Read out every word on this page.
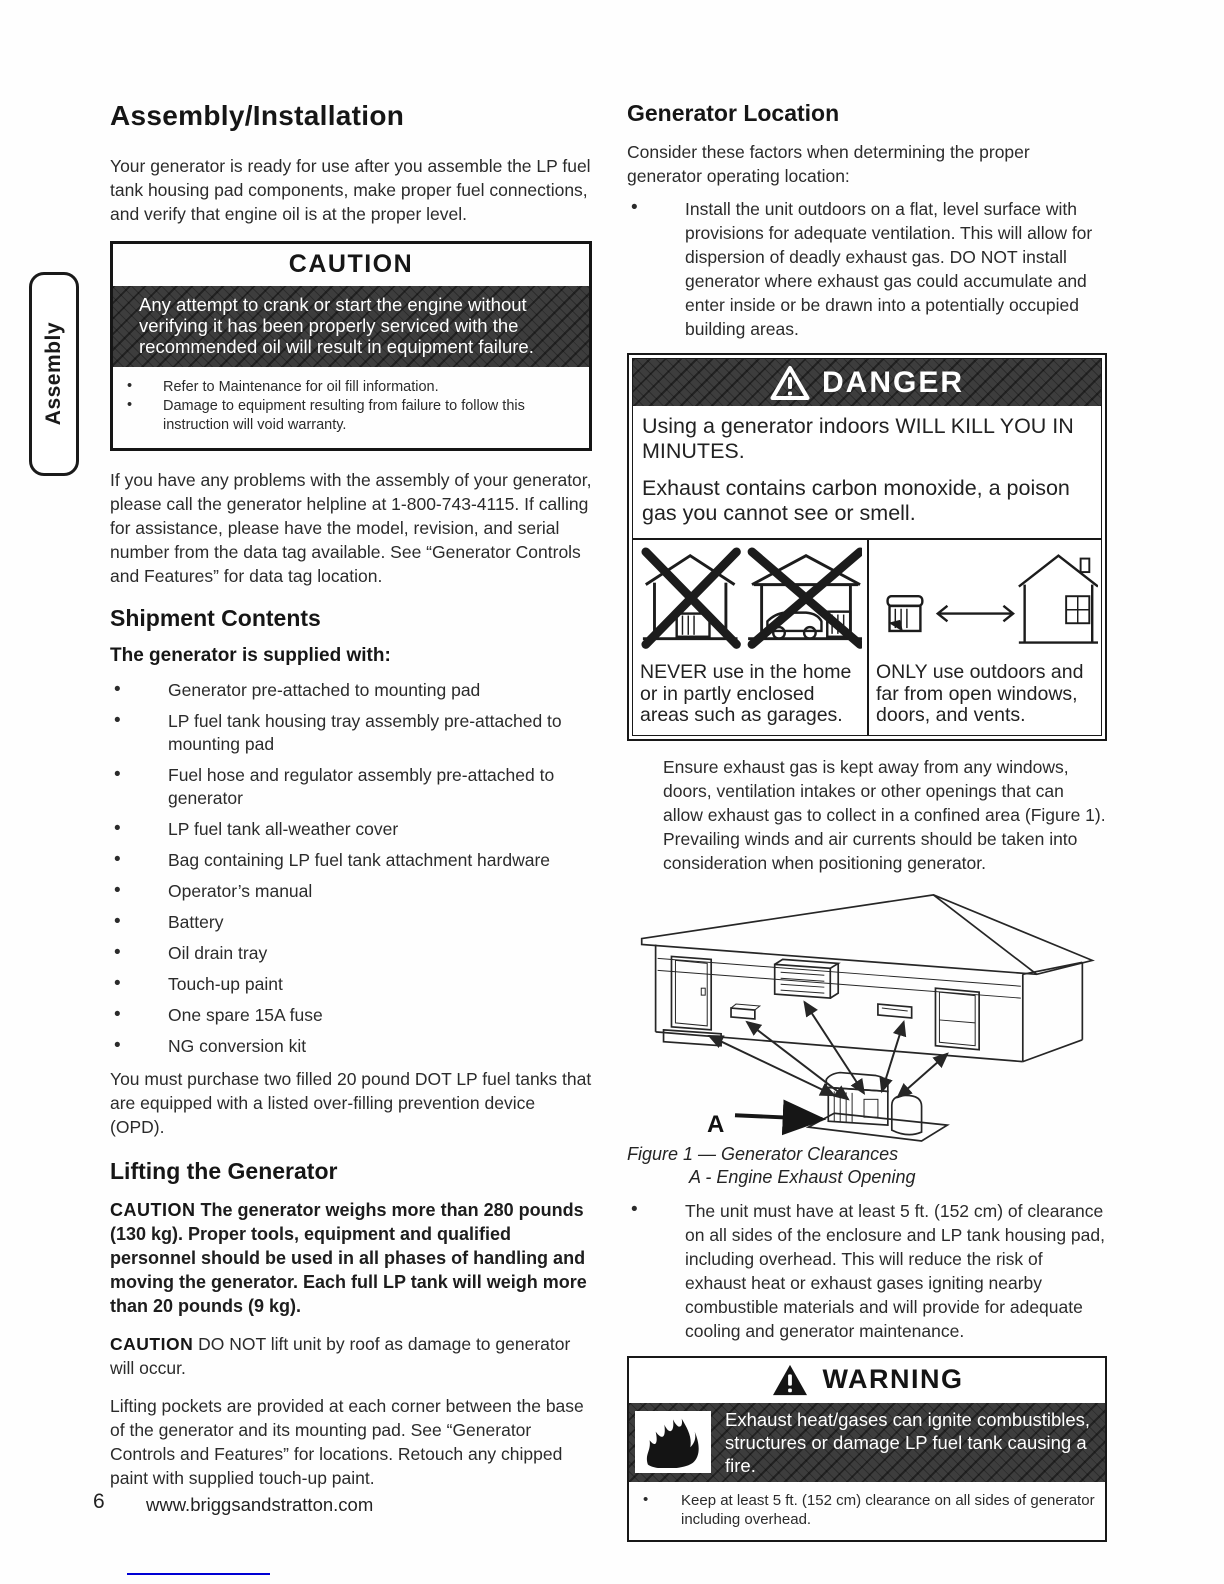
Assembly
Assembly/Installation

Your generator is ready for use after you assemble the LP fuel tank housing pad components, make proper fuel connections, and verify that engine oil is at the proper level.

CAUTION
Any attempt to crank or start the engine without verifying it has been properly serviced with the recommended oil will result in equipment failure.
• Refer to Maintenance for oil fill information.
• Damage to equipment resulting from failure to follow this instruction will void warranty.

If you have any problems with the assembly of your generator, please call the generator helpline at 1-800-743-4115. If calling for assistance, please have the model, revision, and serial number from the data tag available. See “Generator Controls and Features” for data tag location.

Shipment Contents

The generator is supplied with:

• Generator pre-attached to mounting pad
• LP fuel tank housing tray assembly pre-attached to mounting pad
• Fuel hose and regulator assembly pre-attached to generator
• LP fuel tank all-weather cover
• Bag containing LP fuel tank attachment hardware
• Operator’s manual
• Battery
• Oil drain tray
• Touch-up paint
• One spare 15A fuse
• NG conversion kit

You must purchase two filled 20 pound DOT LP fuel tanks that are equipped with a listed over-filling prevention device (OPD).

Lifting the Generator

CAUTION The generator weighs more than 280 pounds (130 kg). Proper tools, equipment and qualified personnel should be used in all phases of handling and moving the generator. Each full LP tank will weigh more than 20 pounds (9 kg).

CAUTION DO NOT lift unit by roof as damage to generator will occur.

Lifting pockets are provided at each corner between the base of the generator and its mounting pad. See “Generator Controls and Features” for locations. Retouch any chipped paint with supplied touch-up paint.

Generator Location

Consider these factors when determining the proper generator operating location:

• Install the unit outdoors on a flat, level surface with provisions for adequate ventilation. This will allow for dispersion of deadly exhaust gas. DO NOT install generator where exhaust gas could accumulate and enter inside or be drawn into a potentially occupied building areas.
DANGER

Using a generator indoors WILL KILL YOU IN MINUTES.

Exhaust contains carbon monoxide, a poison gas you cannot see or smell.

NEVER use in the home or in partly enclosed areas such as garages.
ONLY use outdoors and far from open windows, doors, and vents.

Ensure exhaust gas is kept away from any windows, doors, ventilation intakes or other openings that can allow exhaust gas to collect in a confined area (Figure 1). Prevailing winds and air currents should be taken into consideration when positioning generator.

A
Figure 1 — Generator Clearances
A - Engine Exhaust Opening
• The unit must have at least 5 ft. (152 cm) of clearance on all sides of the enclosure and LP tank housing pad, including overhead. This will reduce the risk of exhaust heat or exhaust gases igniting nearby combustible materials and will provide for adequate cooling and generator maintenance.
WARNING
Exhaust heat/gases can ignite combustibles, structures or damage LP fuel tank causing a fire.
• Keep at least 5 ft. (152 cm) clearance on all sides of generator including overhead.
6 www.briggsandstratton.com
